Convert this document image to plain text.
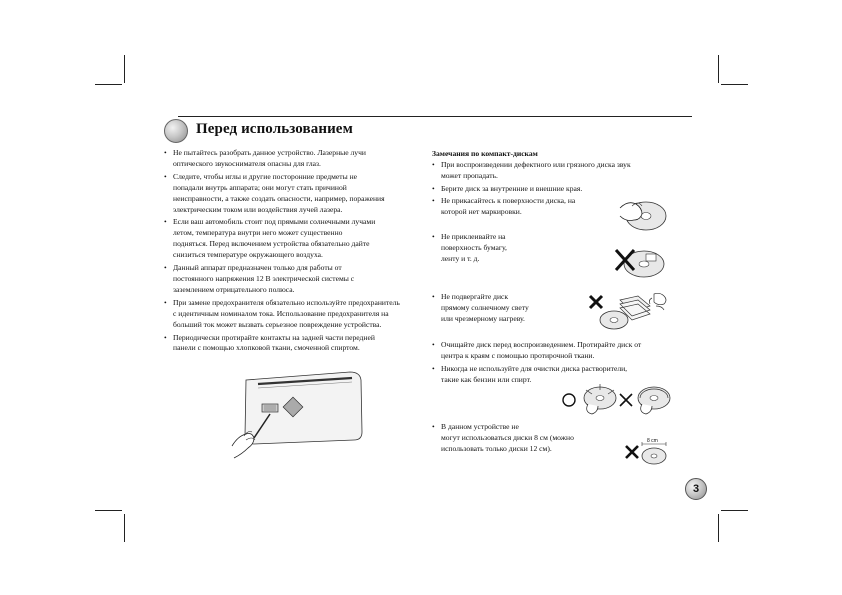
Перед использованием
• Не пытайтесь разобрать данное устройство. Лазерные лучи
оптического звукоснимателя опасны для глаз.
• Следите, чтобы иглы и другие посторонние предметы не
попадали внутрь аппарата; они могут стать причиной
неисправности, а также создать опасности, например, поражения
электрическим током или воздействия лучей лазера.
• Если ваш автомобиль стоит под прямыми солнечными лучами
летом, температура внутри него может существенно
подняться. Перед включением устройства обязательно дайте
снизиться температуре окружающего воздуха.
• Данный аппарат предназначен только для работы от
постоянного напряжения 12 В электрической системы с
заземлением отрицательного полюса.
• При замене предохранителя обязательно используйте предохранитель
с идентичным номиналом тока. Использование предохранителя на
больший ток может вызвать серьезное повреждение устройства.
• Периодически протирайте контакты на задней части передней
панели с помощью хлопковой ткани, смоченной спиртом.
Замечания по компакт-дискам
• При воспроизведении дефектного или грязного диска звук
может пропадать.
• Берите диск за внутренние и внешние края.
• Не прикасайтесь к поверхности диска, на
которой нет маркировки.
• Не приклеивайте на
поверхность бумагу,
ленту и т. д.
• Не подвергайте диск
прямому солнечному свету
или чрезмерному нагреву.
• Очищайте диск перед воспроизведением. Протирайте диск от
центра к краям с помощью протирочной ткани.
• Никогда не используйте для очистки диска растворители,
такие как бензин или спирт.
• В данном устройстве не
могут использоваться диски 8 см (можно
использовать только диски 12 см).
8 cm
3
